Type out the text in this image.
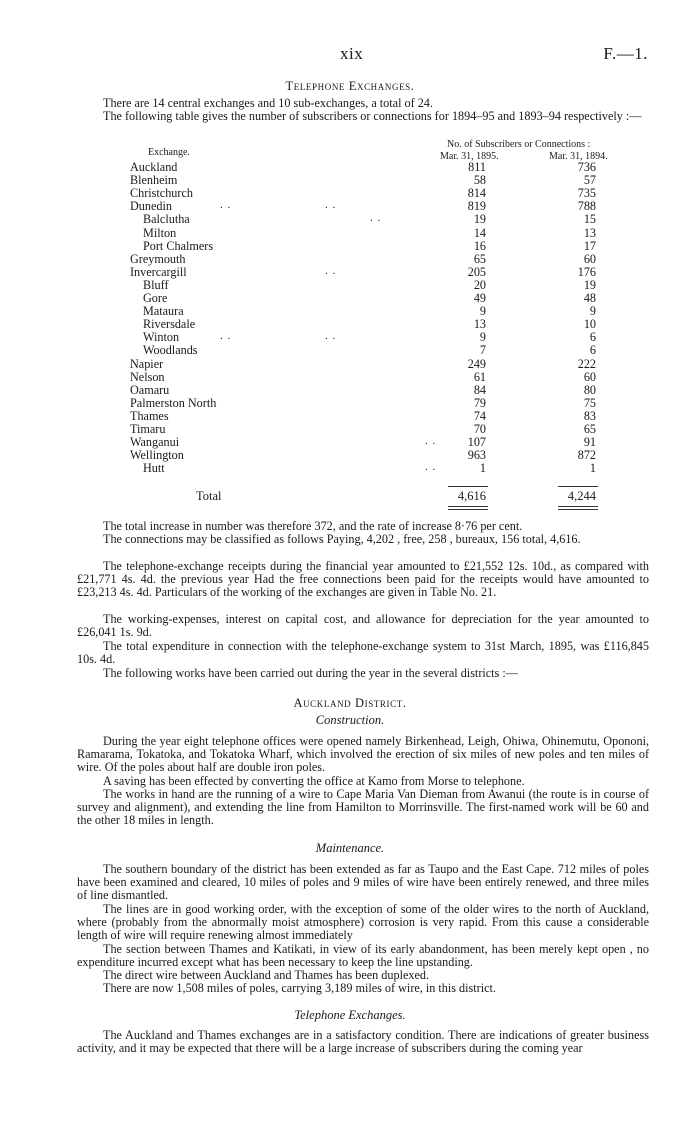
xix	F.—1.
Telephone Exchanges.

There are 14 central exchanges and 10 sub-exchanges, a total of 24.

The following table gives the number of subscribers or connections for 1894–95 and 1893–94 respectively :—

Exchange.
No. of Subscribers or Connections :
Mar. 31, 1895.	Mar. 31, 1894.
Auckland	811	736
Blenheim	58	57
Christchurch	814	735
Dunedin	. .	. .	819	788
Balclutha	. .	19	15
Milton	14	13
Port Chalmers	16	17
Greymouth	65	60
Invercargill	. .	205	176
Bluff	20	19
Gore	49	48
Mataura	9	9
Riversdale	13	10
Winton	. .	. .	9	6
Woodlands	7	6
Napier	249	222
Nelson	61	60
Oamaru	84	80
Palmerston North	79	75
Thames	74	83
Timaru	70	65
Wanganui	. .	107	91
Wellington	963	872
Hutt	. .	1	1
Total	4,616	4,244

The total increase in number was therefore 372, and the rate of increase 8·76 per cent.

The connections may be classified as follows Paying, 4,202 , free, 258 , bureaux, 156 total, 4,616.

The telephone-exchange receipts during the financial year amounted to £21,552 12s. 10d., as compared with £21,771 4s. 4d. the previous year Had the free connections been paid for the receipts would have amounted to £23,213 4s. 4d. Particulars of the working of the exchanges are given in Table No. 21.

The working-expenses, interest on capital cost, and allowance for depreciation for the year amounted to £26,041 1s. 9d.

The total expenditure in connection with the telephone-exchange system to 31st March, 1895, was £116,845 10s. 4d.

The following works have been carried out during the year in the several districts :—

Auckland District.
Construction.

During the year eight telephone offices were opened namely Birkenhead, Leigh, Ohiwa, Ohinemutu, Opononi, Ramarama, Tokatoka, and Tokatoka Wharf, which involved the erection of six miles of new poles and ten miles of wire. Of the poles about half are double iron poles.

A saving has been effected by converting the office at Kamo from Morse to telephone.

The works in hand are the running of a wire to Cape Maria Van Dieman from Awanui (the route is in course of survey and alignment), and extending the line from Hamilton to Morrinsville. The first-named work will be 60 and the other 18 miles in length.

Maintenance.

The southern boundary of the district has been extended as far as Taupo and the East Cape. 712 miles of poles have been examined and cleared, 10 miles of poles and 9 miles of wire have been entirely renewed, and three miles of line dismantled.

The lines are in good working order, with the exception of some of the older wires to the north of Auckland, where (probably from the abnormally moist atmosphere) corrosion is very rapid. From this cause a considerable length of wire will require renewing almost immediately

The section between Thames and Katikati, in view of its early abandonment, has been merely kept open , no expenditure incurred except what has been necessary to keep the line upstanding.

The direct wire between Auckland and Thames has been duplexed.

There are now 1,508 miles of poles, carrying 3,189 miles of wire, in this district.

Telephone Exchanges.

The Auckland and Thames exchanges are in a satisfactory condition. There are indications of greater business activity, and it may be expected that there will be a large increase of subscribers during the coming year
